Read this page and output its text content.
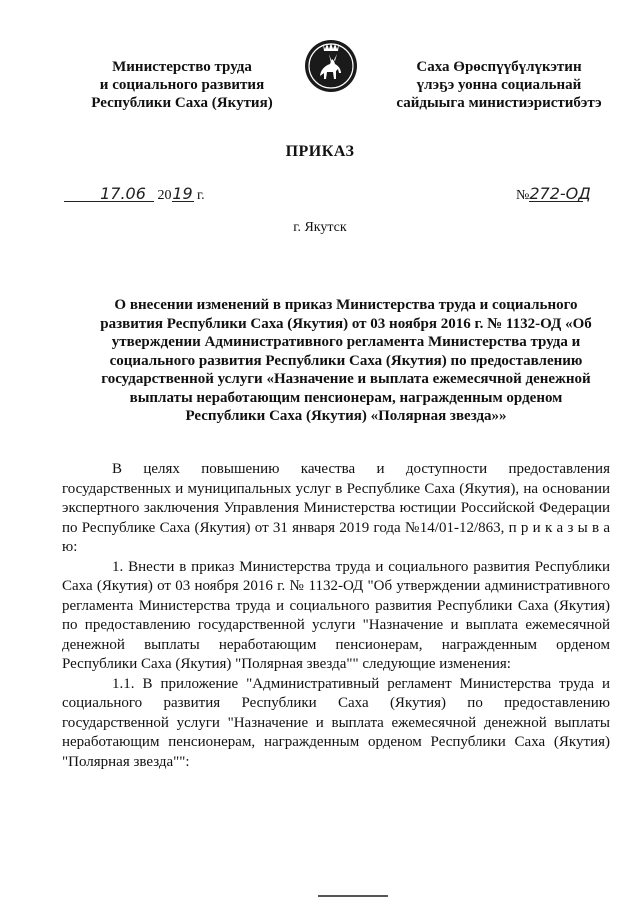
Министерство труда
и социального развития
Республики Саха (Якутия)
Саха Өрөспүүбүлүкэтин
үлэҕэ уонна социальнай
сайдыыга министиэристибэтэ
ПРИКАЗ
17.06 2019 г.	№272-ОД
г. Якутск
О внесении изменений в приказ Министерства труда и социального развития Республики Саха (Якутия) от 03 ноября 2016 г. № 1132-ОД «Об утверждении Административного регламента Министерства труда и социального развития Республики Саха (Якутия) по предоставлению государственной услуги «Назначение и выплата ежемесячной денежной выплаты неработающим пенсионерам, награжденным орденом Республики Саха (Якутия) «Полярная звезда»»

В целях повышению качества и доступности предоставления государственных и муниципальных услуг в Республике Саха (Якутия), на основании экспертного заключения Управления Министерства юстиции Российской Федерации по Республике Саха (Якутия) от 31 января 2019 года №14/01-12/863, п р и к а з ы в а ю:

1. Внести в приказ Министерства труда и социального развития Республики Саха (Якутия) от 03 ноября 2016 г. № 1132-ОД "Об утверждении административного регламента Министерства труда и социального развития Республики Саха (Якутия) по предоставлению государственной услуги "Назначение и выплата ежемесячной денежной выплаты неработающим пенсионерам, награжденным орденом Республики Саха (Якутия) "Полярная звезда"" следующие изменения:

1.1. В приложение "Административный регламент Министерства труда и социального развития Республики Саха (Якутия) по предоставлению государственной услуги "Назначение и выплата ежемесячной денежной выплаты неработающим пенсионерам, награжденным орденом Республики Саха (Якутия) "Полярная звезда"":
